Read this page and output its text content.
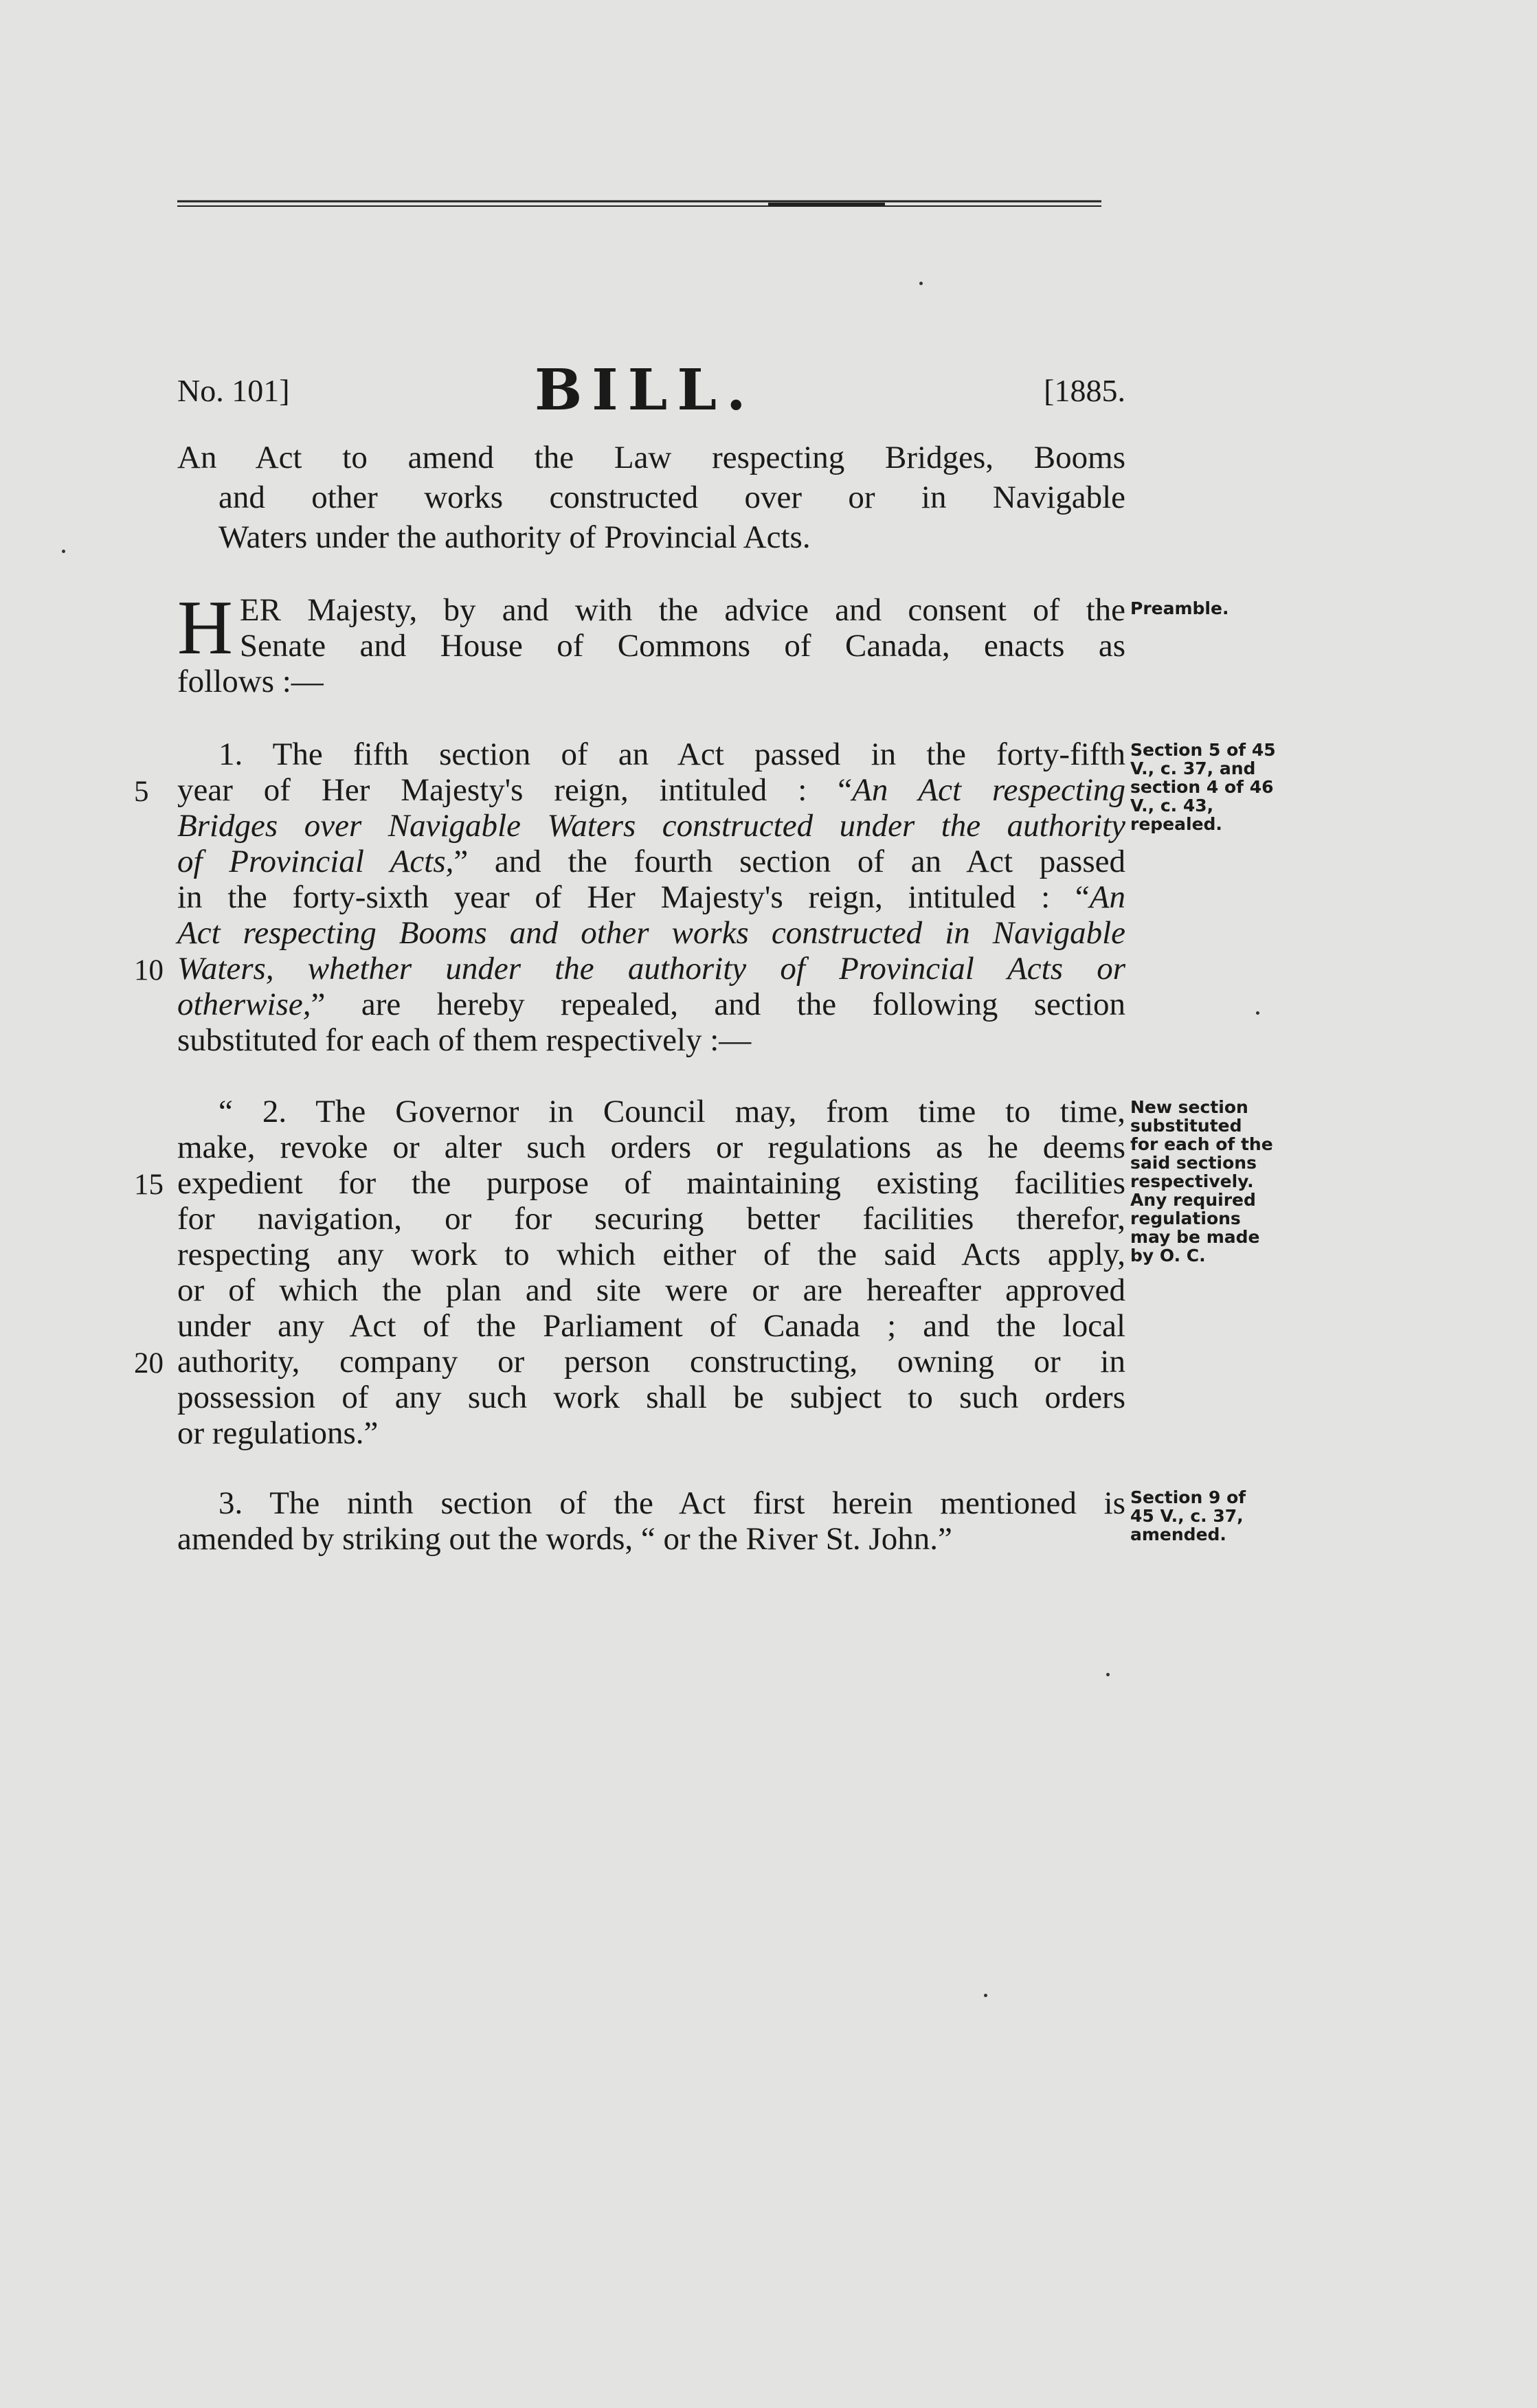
No. 101]	BILL.	[1885.
An Act to amend the Law respecting Bridges, Booms
and other works constructed over or in Navigable
Waters under the authority of Provincial Acts.
H ER Majesty, by and with the advice and consent of the
Senate and House of Commons of Canada, enacts as
follows :—
1. The fifth section of an Act passed in the forty-fifth
year of Her Majesty's reign, intituled : “An Act respecting
Bridges over Navigable Waters constructed under the authority
of Provincial Acts,” and the fourth section of an Act passed
in the forty-sixth year of Her Majesty's reign, intituled : “An
Act respecting Booms and other works constructed in Navigable
Waters, whether under the authority of Provincial Acts or
otherwise,” are hereby repealed, and the following section
substituted for each of them respectively :—
“ 2. The Governor in Council may, from time to time,
make, revoke or alter such orders or regulations as he deems
expedient for the purpose of maintaining existing facilities
for navigation, or for securing better facilities therefor,
respecting any work to which either of the said Acts apply,
or of which the plan and site were or are hereafter approved
under any Act of the Parliament of Canada ; and the local
authority, company or person constructing, owning or in
possession of any such work shall be subject to such orders
or regulations.”
3. The ninth section of the Act first herein mentioned is
amended by striking out the words, “ or the River St. John.”
5
10
15
20
Preamble.
Section 5 of 45
V., c. 37, and
section 4 of 46
V., c. 43,
repealed.
New section
substituted
for each of the
said sections
respectively.
Any required
regulations
may be made
by O. C.
Section 9 of
45 V., c. 37,
amended.
